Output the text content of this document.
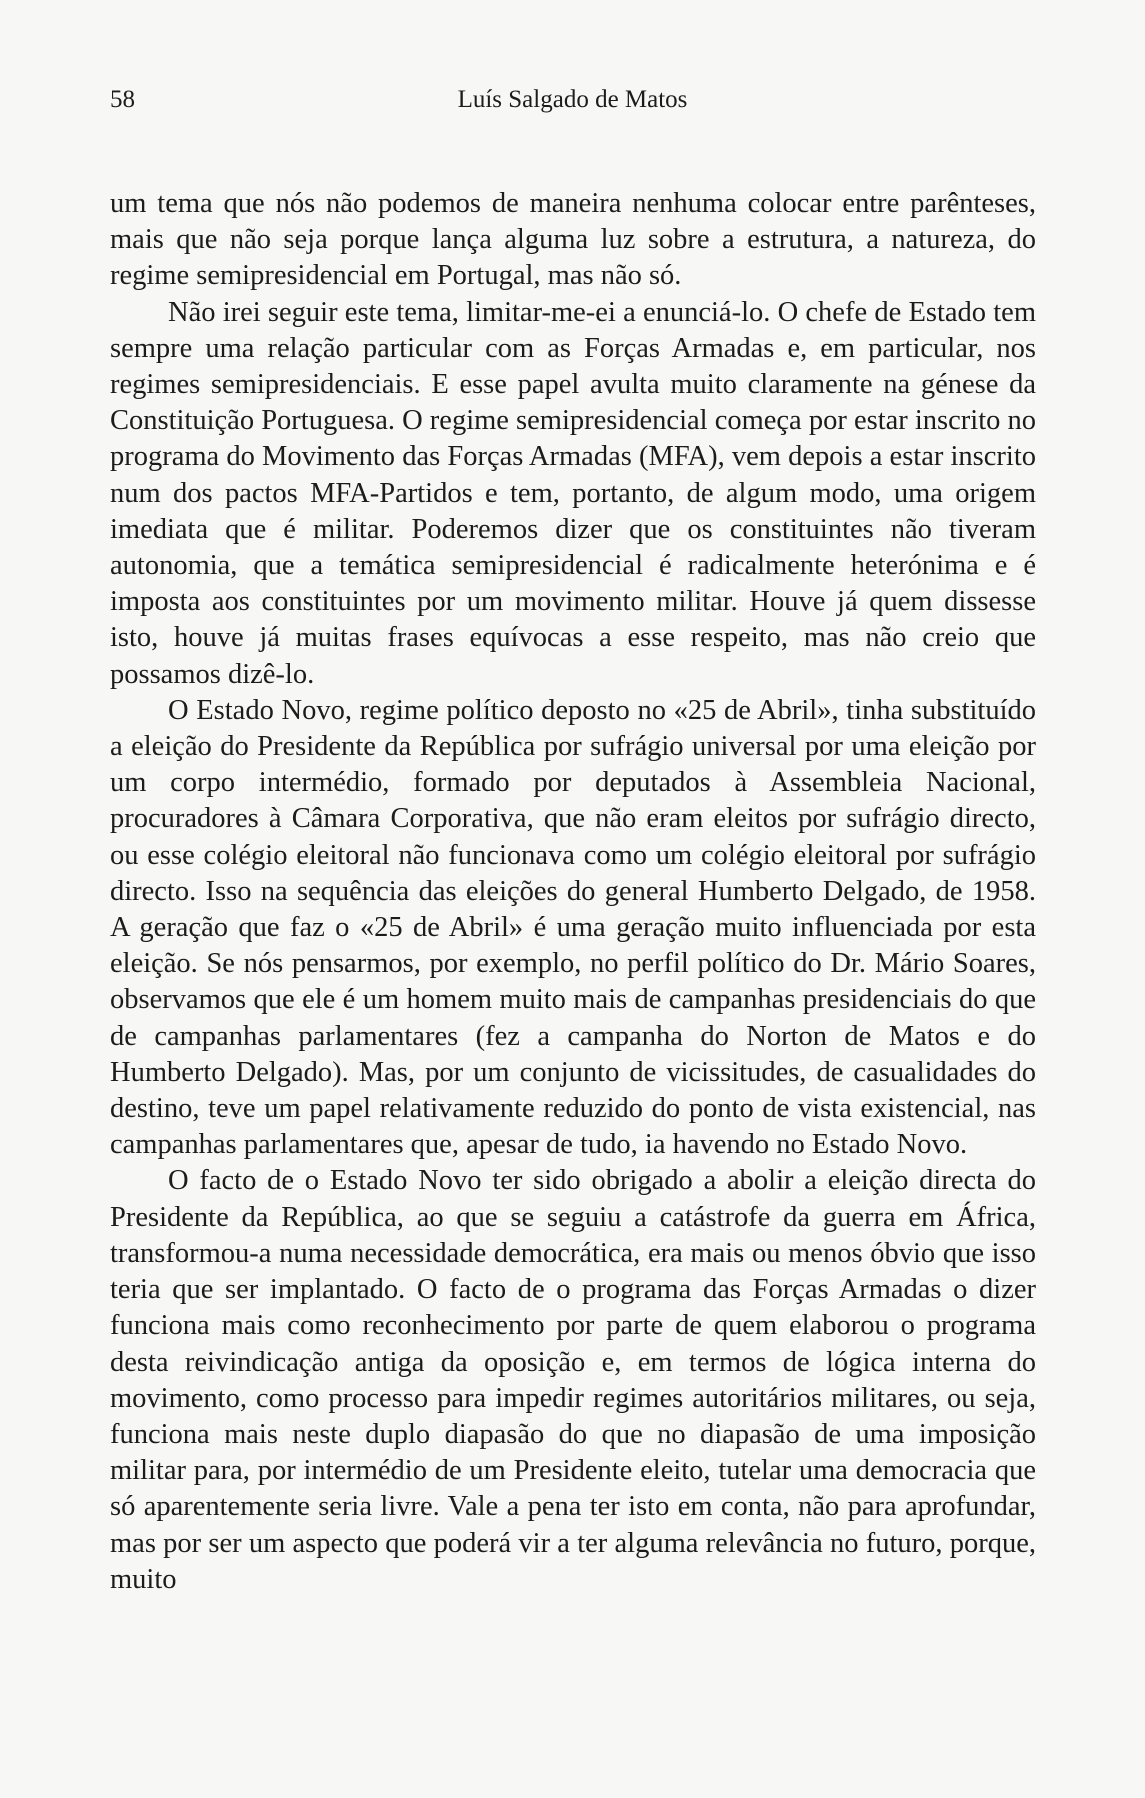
58	Luís Salgado de Matos

um tema que nós não podemos de maneira nenhuma colocar entre parênteses, mais que não seja porque lança alguma luz sobre a estrutura, a natureza, do regime semipresidencial em Portugal, mas não só.

Não irei seguir este tema, limitar-me-ei a enunciá-lo. O chefe de Estado tem sempre uma relação particular com as Forças Armadas e, em particular, nos regimes semipresidenciais. E esse papel avulta muito claramente na génese da Constituição Portuguesa. O regime semipresidencial começa por estar inscrito no programa do Movimento das Forças Armadas (MFA), vem depois a estar inscrito num dos pactos MFA-Partidos e tem, portanto, de algum modo, uma origem imediata que é militar. Poderemos dizer que os constituintes não tiveram autonomia, que a temática semipresidencial é radicalmente heterónima e é imposta aos constituintes por um movimento militar. Houve já quem dissesse isto, houve já muitas frases equívocas a esse respeito, mas não creio que possamos dizê-lo.

O Estado Novo, regime político deposto no «25 de Abril», tinha substituído a eleição do Presidente da República por sufrágio universal por uma eleição por um corpo intermédio, formado por deputados à Assembleia Nacional, procuradores à Câmara Corporativa, que não eram eleitos por sufrágio directo, ou esse colégio eleitoral não funcionava como um colégio eleitoral por sufrágio directo. Isso na sequência das eleições do general Humberto Delgado, de 1958. A geração que faz o «25 de Abril» é uma geração muito influenciada por esta eleição. Se nós pensarmos, por exemplo, no perfil político do Dr. Mário Soares, observamos que ele é um homem muito mais de campanhas presidenciais do que de campanhas parlamentares (fez a campanha do Norton de Matos e do Humberto Delgado). Mas, por um conjunto de vicissitudes, de casualidades do destino, teve um papel relativamente reduzido do ponto de vista existencial, nas campanhas parlamentares que, apesar de tudo, ia havendo no Estado Novo.

O facto de o Estado Novo ter sido obrigado a abolir a eleição directa do Presidente da República, ao que se seguiu a catástrofe da guerra em África, transformou-a numa necessidade democrática, era mais ou menos óbvio que isso teria que ser implantado. O facto de o programa das Forças Armadas o dizer funciona mais como reconhecimento por parte de quem elaborou o programa desta reivindicação antiga da oposição e, em termos de lógica interna do movimento, como processo para impedir regimes autoritários militares, ou seja, funciona mais neste duplo diapasão do que no diapasão de uma imposição militar para, por intermédio de um Presidente eleito, tutelar uma democracia que só aparentemente seria livre. Vale a pena ter isto em conta, não para aprofundar, mas por ser um aspecto que poderá vir a ter alguma relevância no futuro, porque, muito
